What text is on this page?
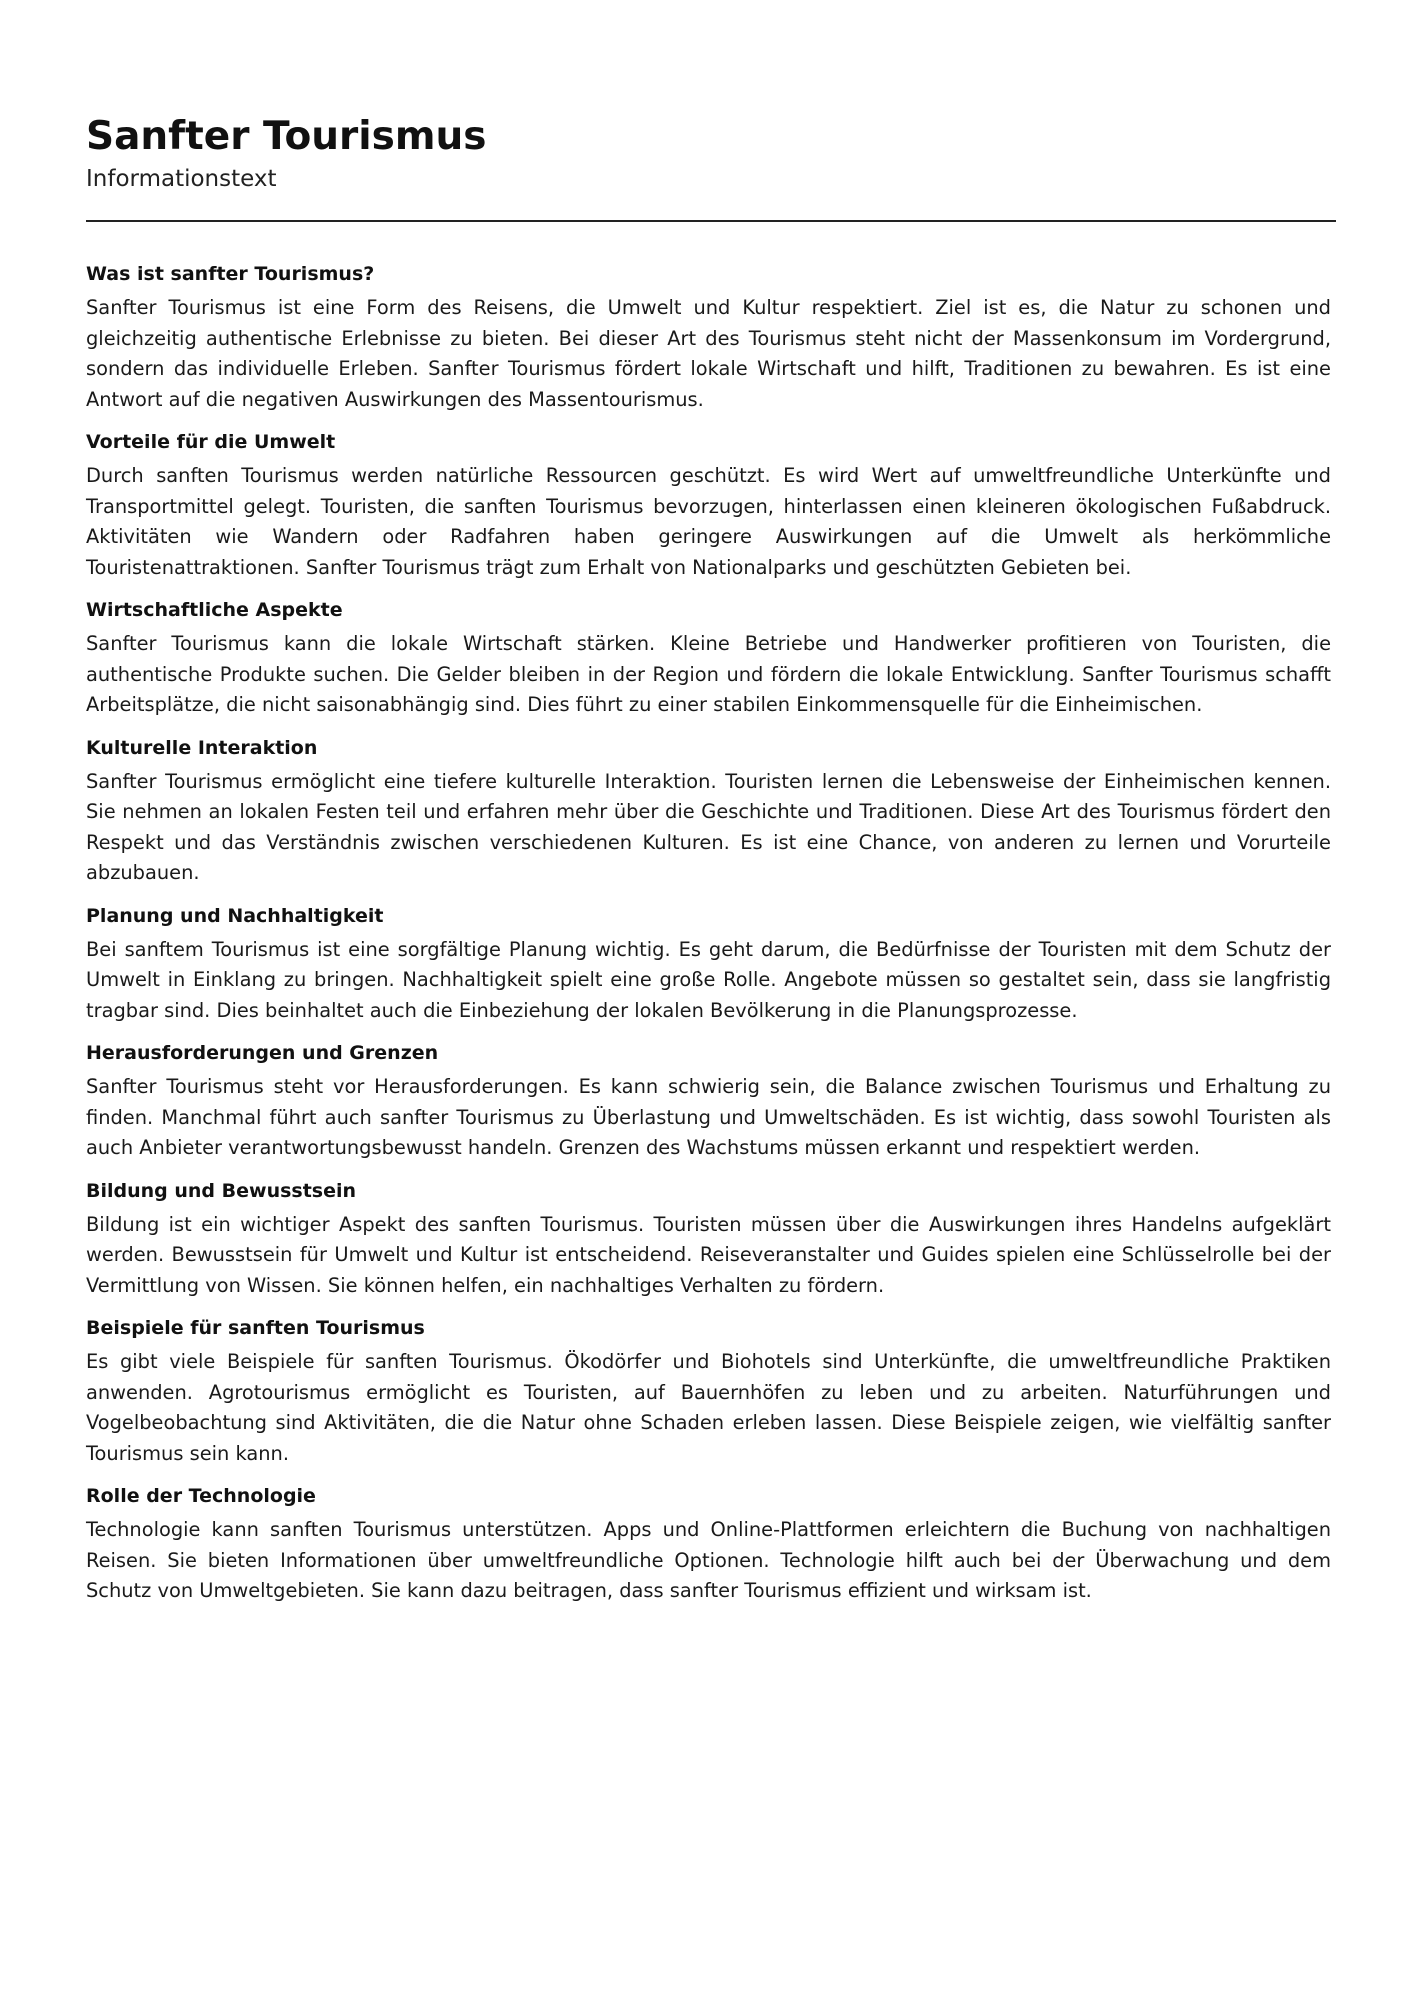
Sanfter Tourismus
Informationstext
Was ist sanfter Tourismus?

Sanfter Tourismus ist eine Form des Reisens, die Umwelt und Kultur respektiert. Ziel ist es, die Natur zu schonen und gleichzeitig authentische Erlebnisse zu bieten. Bei dieser Art des Tourismus steht nicht der Massenkonsum im Vordergrund, sondern das individuelle Erleben. Sanfter Tourismus fördert lokale Wirtschaft und hilft, Traditionen zu bewahren. Es ist eine Antwort auf die negativen Auswirkungen des Massentourismus.

Vorteile für die Umwelt

Durch sanften Tourismus werden natürliche Ressourcen geschützt. Es wird Wert auf umweltfreundliche Unterkünfte und Transportmittel gelegt. Touristen, die sanften Tourismus bevorzugen, hinterlassen einen kleineren ökologischen Fußabdruck. Aktivitäten wie Wandern oder Radfahren haben geringere Auswirkungen auf die Umwelt als herkömmliche Touristenattraktionen. Sanfter Tourismus trägt zum Erhalt von Nationalparks und geschützten Gebieten bei.

Wirtschaftliche Aspekte

Sanfter Tourismus kann die lokale Wirtschaft stärken. Kleine Betriebe und Handwerker profitieren von Touristen, die authentische Produkte suchen. Die Gelder bleiben in der Region und fördern die lokale Entwicklung. Sanfter Tourismus schafft Arbeitsplätze, die nicht saisonabhängig sind. Dies führt zu einer stabilen Einkommensquelle für die Einheimischen.

Kulturelle Interaktion

Sanfter Tourismus ermöglicht eine tiefere kulturelle Interaktion. Touristen lernen die Lebensweise der Einheimischen kennen. Sie nehmen an lokalen Festen teil und erfahren mehr über die Geschichte und Traditionen. Diese Art des Tourismus fördert den Respekt und das Verständnis zwischen verschiedenen Kulturen. Es ist eine Chance, von anderen zu lernen und Vorurteile abzubauen.

Planung und Nachhaltigkeit

Bei sanftem Tourismus ist eine sorgfältige Planung wichtig. Es geht darum, die Bedürfnisse der Touristen mit dem Schutz der Umwelt in Einklang zu bringen. Nachhaltigkeit spielt eine große Rolle. Angebote müssen so gestaltet sein, dass sie langfristig tragbar sind. Dies beinhaltet auch die Einbeziehung der lokalen Bevölkerung in die Planungsprozesse.

Herausforderungen und Grenzen

Sanfter Tourismus steht vor Herausforderungen. Es kann schwierig sein, die Balance zwischen Tourismus und Erhaltung zu finden. Manchmal führt auch sanfter Tourismus zu Überlastung und Umweltschäden. Es ist wichtig, dass sowohl Touristen als auch Anbieter verantwortungsbewusst handeln. Grenzen des Wachstums müssen erkannt und respektiert werden.

Bildung und Bewusstsein

Bildung ist ein wichtiger Aspekt des sanften Tourismus. Touristen müssen über die Auswirkungen ihres Handelns aufgeklärt werden. Bewusstsein für Umwelt und Kultur ist entscheidend. Reiseveranstalter und Guides spielen eine Schlüsselrolle bei der Vermittlung von Wissen. Sie können helfen, ein nachhaltiges Verhalten zu fördern.

Beispiele für sanften Tourismus

Es gibt viele Beispiele für sanften Tourismus. Ökodörfer und Biohotels sind Unterkünfte, die umweltfreundliche Praktiken anwenden. Agrotourismus ermöglicht es Touristen, auf Bauernhöfen zu leben und zu arbeiten. Naturführungen und Vogelbeobachtung sind Aktivitäten, die die Natur ohne Schaden erleben lassen. Diese Beispiele zeigen, wie vielfältig sanfter Tourismus sein kann.

Rolle der Technologie

Technologie kann sanften Tourismus unterstützen. Apps und Online-Plattformen erleichtern die Buchung von nachhaltigen Reisen. Sie bieten Informationen über umweltfreundliche Optionen. Technologie hilft auch bei der Überwachung und dem Schutz von Umweltgebieten. Sie kann dazu beitragen, dass sanfter Tourismus effizient und wirksam ist.
